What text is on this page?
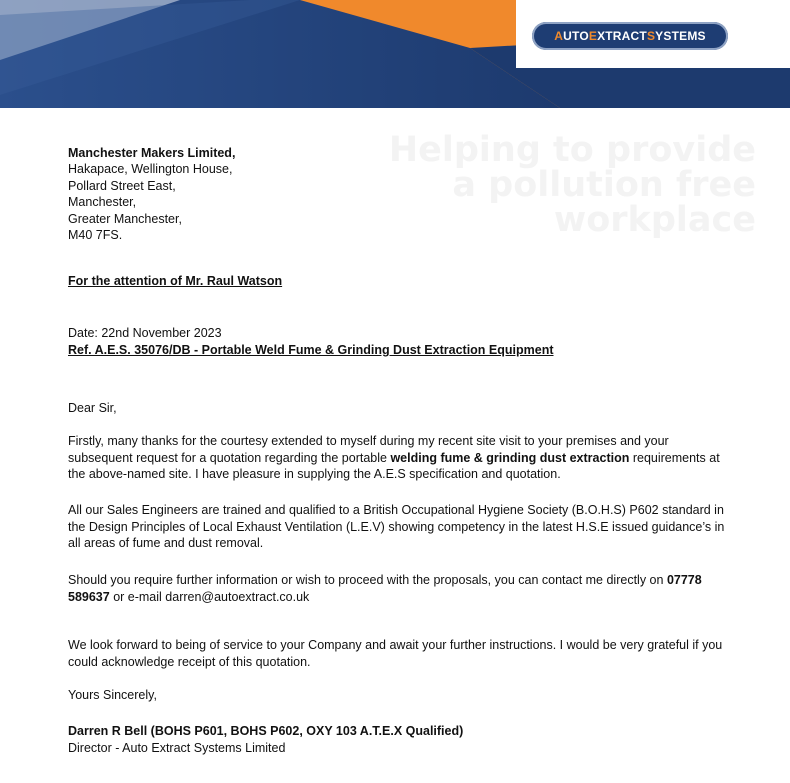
A UTO E XTRACT S YSTEMS
Helping to provide
a pollution free
workplace
Manchester Makers Limited,
Hakapace, Wellington House,
Pollard Street East,
Manchester,
Greater Manchester,
M40 7FS.
For the attention of Mr. Raul Watson
Date: 22nd November 2023
Ref. A.E.S. 35076/DB - Portable Weld Fume & Grinding Dust Extraction Equipment
Dear Sir,
Firstly, many thanks for the courtesy extended to myself during my recent site visit to your premises and your subsequent request for a quotation regarding the portable welding fume & grinding dust extraction requirements at the above-named site. I have pleasure in supplying the A.E.S specification and quotation.
All our Sales Engineers are trained and qualified to a British Occupational Hygiene Society (B.O.H.S) P602 standard in the Design Principles of Local Exhaust Ventilation (L.E.V) showing competency in the latest H.S.E issued guidance’s in all areas of fume and dust removal.
Should you require further information or wish to proceed with the proposals, you can contact me directly on 07778 589637 or e-mail darren@autoextract.co.uk
We look forward to being of service to your Company and await your further instructions. I would be very grateful if you could acknowledge receipt of this quotation.
Yours Sincerely,
Darren R Bell (BOHS P601, BOHS P602, OXY 103 A.T.E.X Qualified)
Director - Auto Extract Systems Limited
